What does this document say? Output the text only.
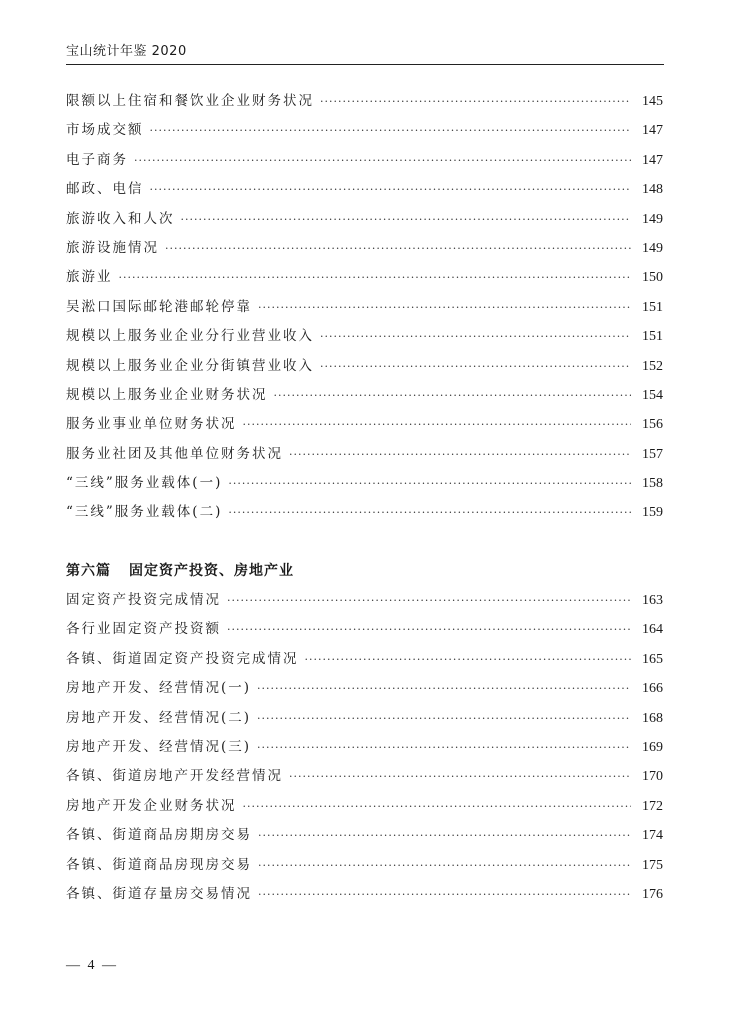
宝山统计年鉴 2020
限额以上住宿和餐饮业企业财务状况 ·····	145
市场成交额 ·····	147
电子商务 ·····	147
邮政、电信 ·····	148
旅游收入和人次 ·····	149
旅游设施情况 ·····	149
旅游业 ·····	150
吴淞口国际邮轮港邮轮停靠 ·····	151
规模以上服务业企业分行业营业收入 ·····	151
规模以上服务业企业分街镇营业收入 ·····	152
规模以上服务业企业财务状况 ·····	154
服务业事业单位财务状况 ·····	156
服务业社团及其他单位财务状况 ·····	157
“三线”服务业载体(一) ·····	158
“三线”服务业载体(二) ·····	159
第六篇 固定资产投资、房地产业
固定资产投资完成情况 ·····	163
各行业固定资产投资额 ·····	164
各镇、街道固定资产投资完成情况 ·····	165
房地产开发、经营情况(一) ·····	166
房地产开发、经营情况(二) ·····	168
房地产开发、经营情况(三) ·····	169
各镇、街道房地产开发经营情况 ·····	170
房地产开发企业财务状况 ·····	172
各镇、街道商品房期房交易 ·····	174
各镇、街道商品房现房交易 ·····	175
各镇、街道存量房交易情况 ·····	176
— 4 —
